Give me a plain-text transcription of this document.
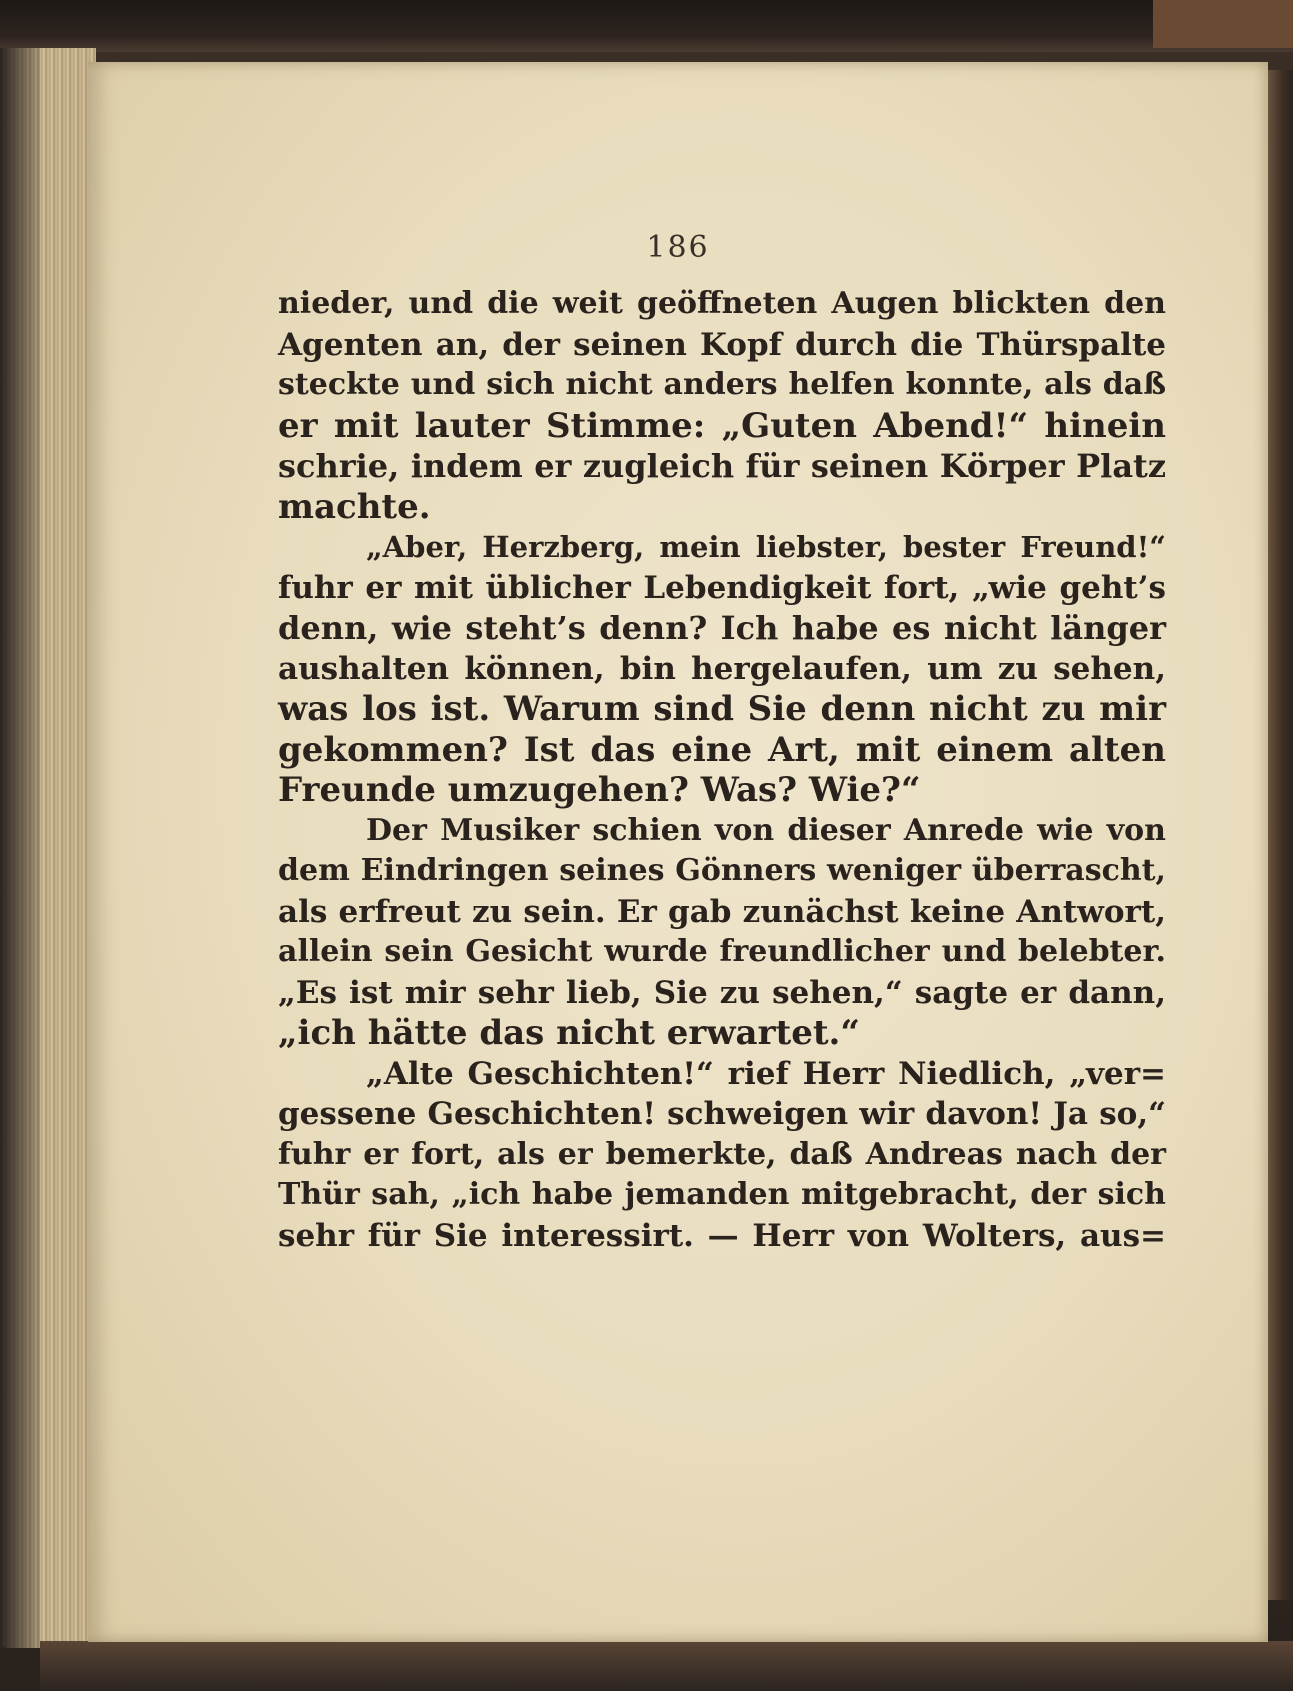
186
nieder, und die weit geöffneten Augen blickten den
Agenten an, der seinen Kopf durch die Thürspalte
steckte und sich nicht anders helfen konnte, als daß
er mit lauter Stimme: „Guten Abend!“ hinein
schrie, indem er zugleich für seinen Körper Platz
machte.
„Aber, Herzberg, mein liebster, bester Freund!“
fuhr er mit üblicher Lebendigkeit fort, „wie geht’s
denn, wie steht’s denn? Ich habe es nicht länger
aushalten können, bin hergelaufen, um zu sehen,
was los ist. Warum sind Sie denn nicht zu mir
gekommen? Ist das eine Art, mit einem alten
Freunde umzugehen? Was? Wie?“
Der Musiker schien von dieser Anrede wie von
dem Eindringen seines Gönners weniger überrascht,
als erfreut zu sein. Er gab zunächst keine Antwort,
allein sein Gesicht wurde freundlicher und belebter.
„Es ist mir sehr lieb, Sie zu sehen,“ sagte er dann,
„ich hätte das nicht erwartet.“
„Alte Geschichten!“ rief Herr Niedlich, „ver=
gessene Geschichten! schweigen wir davon! Ja so,“
fuhr er fort, als er bemerkte, daß Andreas nach der
Thür sah, „ich habe jemanden mitgebracht, der sich
sehr für Sie interessirt. — Herr von Wolters, aus=
